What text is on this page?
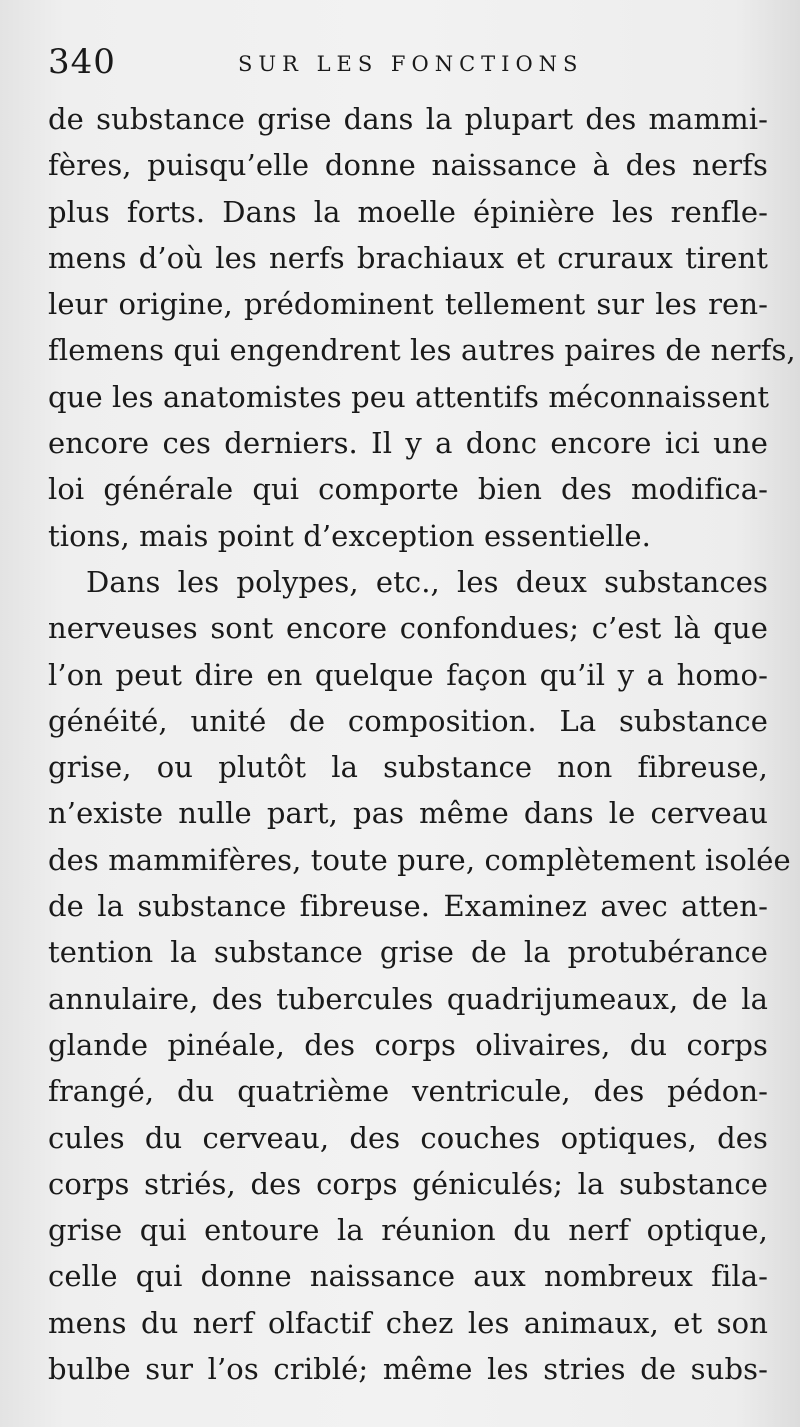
340	SUR LES FONCTIONS
de substance grise dans la plupart des mammi-
fères, puisqu’elle donne naissance à des nerfs
plus forts. Dans la moelle épinière les renfle-
mens d’où les nerfs brachiaux et cruraux tirent
leur origine, prédominent tellement sur les ren-
flemens qui engendrent les autres paires de nerfs,
que les anatomistes peu attentifs méconnaissent
encore ces derniers. Il y a donc encore ici une
loi générale qui comporte bien des modifica-
tions, mais point d’exception essentielle.
Dans les polypes, etc., les deux substances
nerveuses sont encore confondues; c’est là que
l’on peut dire en quelque façon qu’il y a homo-
généité, unité de composition. La substance
grise, ou plutôt la substance non fibreuse,
n’existe nulle part, pas même dans le cerveau
des mammifères, toute pure, complètement isolée
de la substance fibreuse. Examinez avec atten-
tention la substance grise de la protubérance
annulaire, des tubercules quadrijumeaux, de la
glande pinéale, des corps olivaires, du corps
frangé, du quatrième ventricule, des pédon-
cules du cerveau, des couches optiques, des
corps striés, des corps géniculés; la substance
grise qui entoure la réunion du nerf optique,
celle qui donne naissance aux nombreux fila-
mens du nerf olfactif chez les animaux, et son
bulbe sur l’os criblé; même les stries de subs-
